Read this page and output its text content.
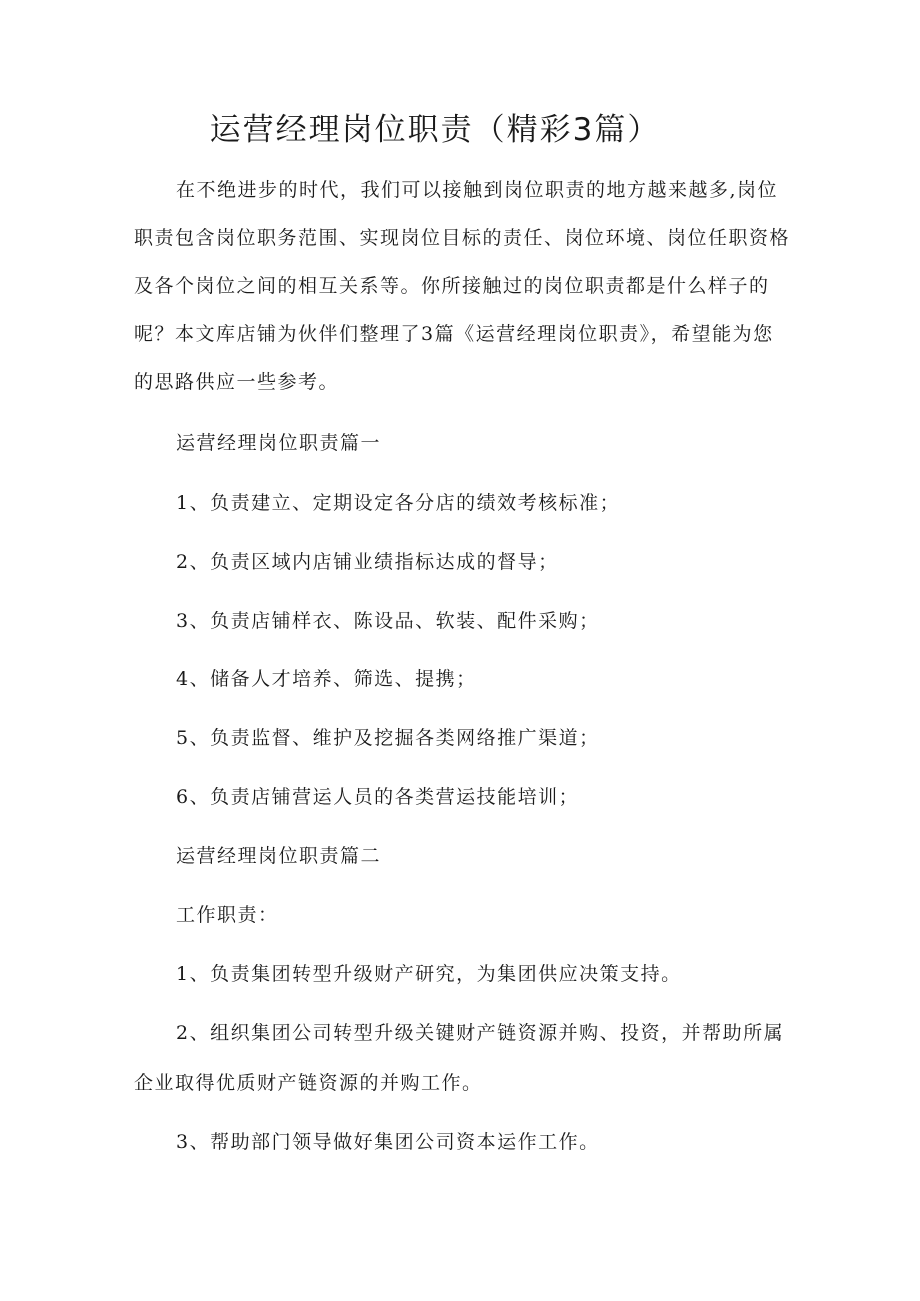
运营经理岗位职责（精彩3篇）
在不绝进步的时代，我们可以接触到岗位职责的地方越来越多,岗位
职责包含岗位职务范围、实现岗位目标的责任、岗位环境、岗位任职资格
及各个岗位之间的相互关系等。你所接触过的岗位职责都是什么样子的
呢？本文库店铺为伙伴们整理了3篇《运营经理岗位职责》，希望能为您
的思路供应一些参考。
运营经理岗位职责篇一
1、负责建立、定期设定各分店的绩效考核标准；
2、负责区域内店铺业绩指标达成的督导；
3、负责店铺样衣、陈设品、软装、配件采购；
4、储备人才培养、筛选、提携；
5、负责监督、维护及挖掘各类网络推广渠道；
6、负责店铺营运人员的各类营运技能培训；
运营经理岗位职责篇二
工作职责：
1、负责集团转型升级财产研究，为集团供应决策支持。
2、组织集团公司转型升级关键财产链资源并购、投资，并帮助所属
企业取得优质财产链资源的并购工作。
3、帮助部门领导做好集团公司资本运作工作。
